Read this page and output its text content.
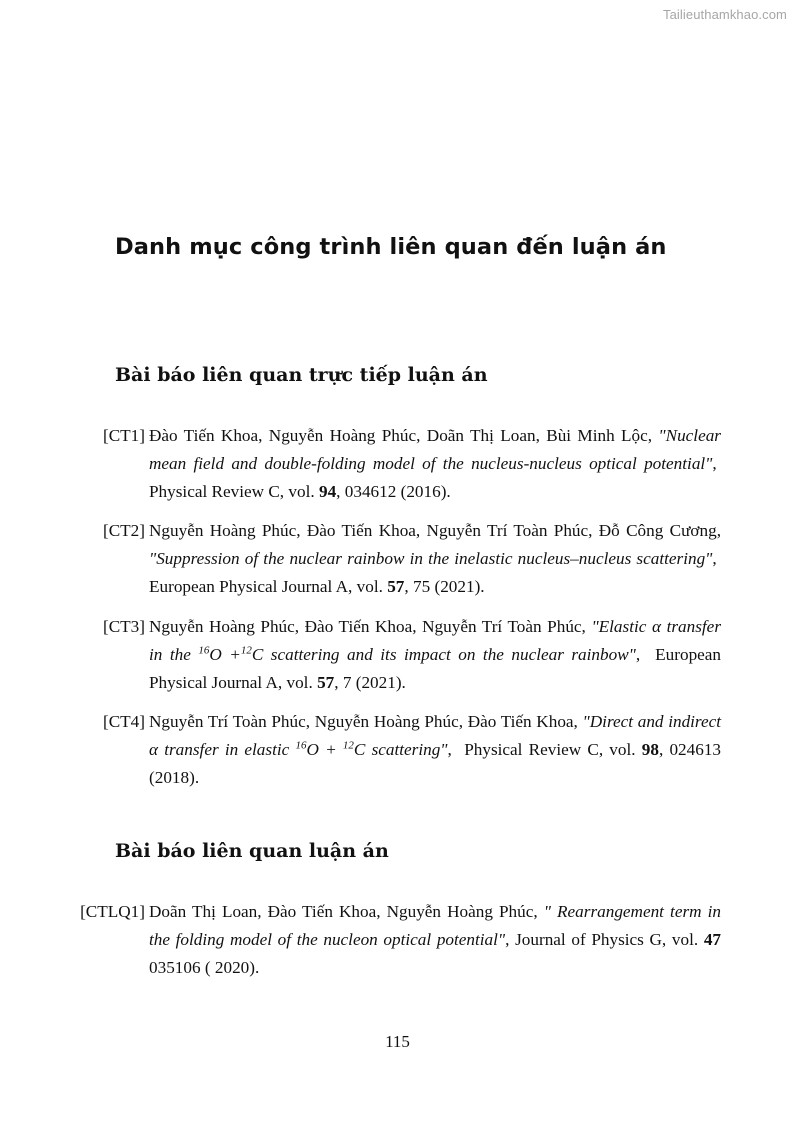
Tailieuthamkhao.com
Danh mục công trình liên quan đến luận án
Bài báo liên quan trực tiếp luận án

[CT1] Đào Tiến Khoa, Nguyễn Hoàng Phúc, Doãn Thị Loan, Bùi Minh Lộc, "Nuclear mean field and double-folding model of the nucleus-nucleus optical potential",  Physical Review C, vol. 94, 034612 (2016).

[CT2] Nguyễn Hoàng Phúc, Đào Tiến Khoa, Nguyễn Trí Toàn Phúc, Đỗ Công Cương, "Suppression of the nuclear rainbow in the inelastic nucleus–nucleus scattering",  European Physical Journal A, vol. 57, 75 (2021).

[CT3] Nguyễn Hoàng Phúc, Đào Tiến Khoa, Nguyễn Trí Toàn Phúc, "Elastic α transfer in the $^{16}$O +$^{12}$C scattering and its impact on the nuclear rainbow",  European Physical Journal A, vol. 57, 7 (2021).

[CT4] Nguyễn Trí Toàn Phúc, Nguyễn Hoàng Phúc, Đào Tiến Khoa, "Direct and indirect α transfer in elastic $^{16}$O + $^{12}$C scattering",  Physical Review C, vol. 98, 024613 (2018).

Bài báo liên quan luận án

[CTLQ1] Doãn Thị Loan, Đào Tiến Khoa, Nguyễn Hoàng Phúc, " Rearrangement term in the folding model of the nucleon optical potential", Journal of Physics G, vol. 47 035106 ( 2020).

115
